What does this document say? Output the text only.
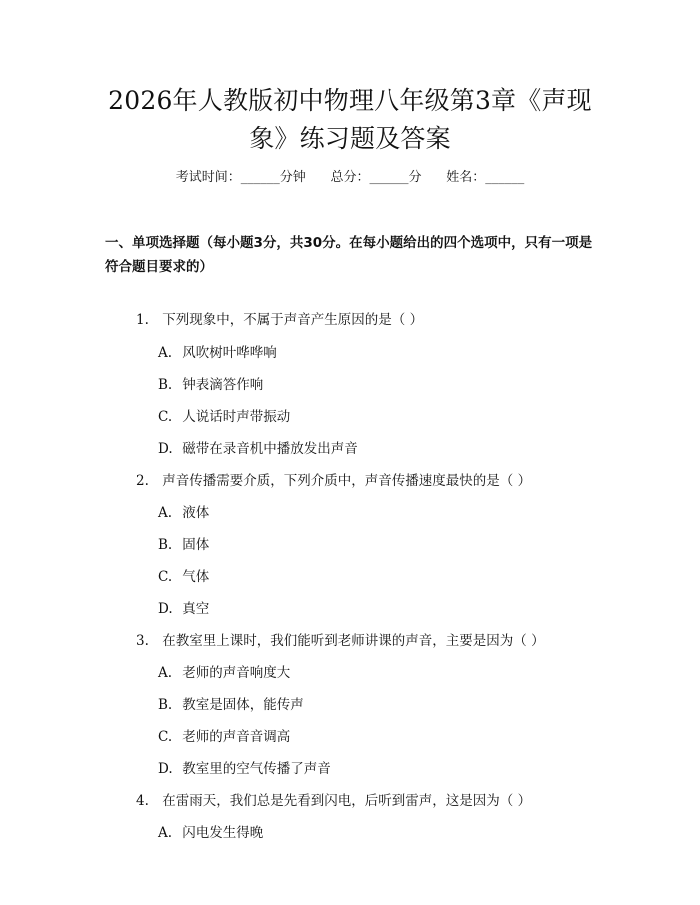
2026年人教版初中物理八年级第3章《声现象》练习题及答案
考试时间：______分钟      总分：______分      姓名：______
一、单项选择题（每小题3分，共30分。在每小题给出的四个选项中，只有一项是符合题目要求的）
1. 下列现象中，不属于声音产生原因的是（ ）
A. 风吹树叶哗哗响
B. 钟表滴答作响
C. 人说话时声带振动
D. 磁带在录音机中播放发出声音
2. 声音传播需要介质，下列介质中，声音传播速度最快的是（ ）
A. 液体
B. 固体
C. 气体
D. 真空
3. 在教室里上课时，我们能听到老师讲课的声音，主要是因为（ ）
A. 老师的声音响度大
B. 教室是固体，能传声
C. 老师的声音音调高
D. 教室里的空气传播了声音
4. 在雷雨天，我们总是先看到闪电，后听到雷声，这是因为（ ）
A. 闪电发生得晚
